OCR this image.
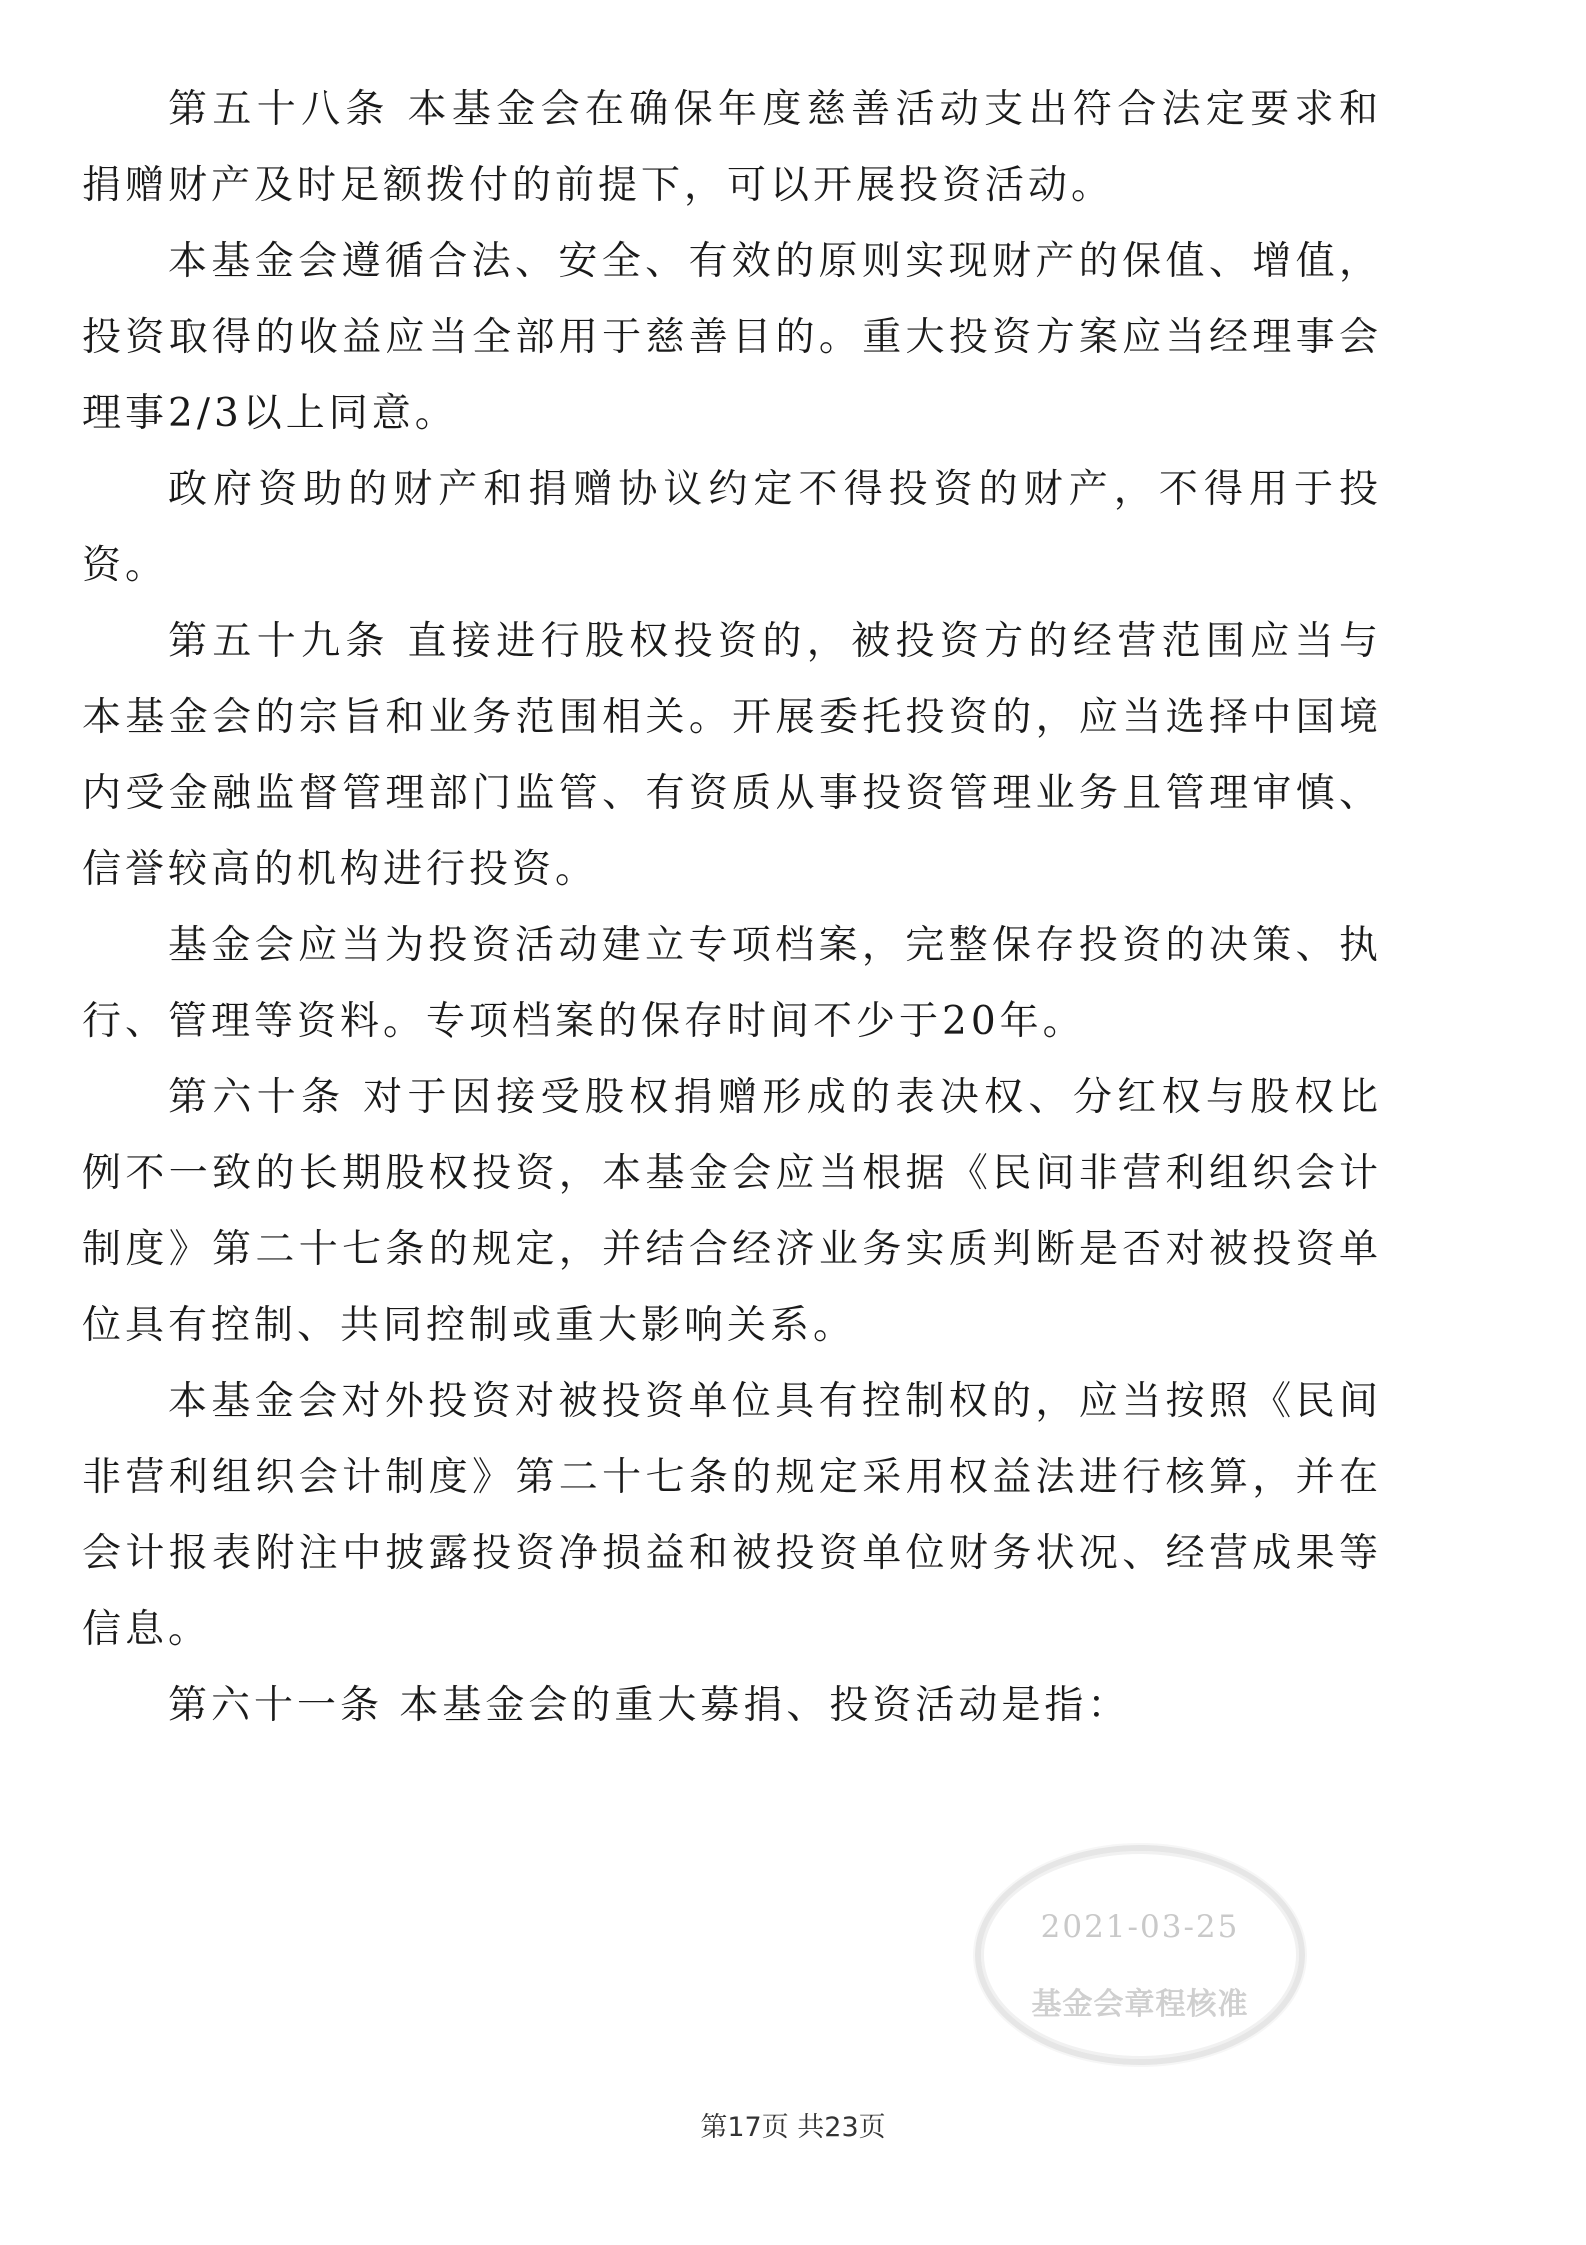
第五十八条 本基金会在确保年度慈善活动支出符合法定要求和捐赠财产及时足额拨付的前提下，可以开展投资活动。

本基金会遵循合法、安全、有效的原则实现财产的保值、增值，投资取得的收益应当全部用于慈善目的。重大投资方案应当经理事会理事2/3以上同意。

政府资助的财产和捐赠协议约定不得投资的财产，不得用于投资。

第五十九条 直接进行股权投资的，被投资方的经营范围应当与本基金会的宗旨和业务范围相关。开展委托投资的，应当选择中国境内受金融监督管理部门监管、有资质从事投资管理业务且管理审慎、信誉较高的机构进行投资。

基金会应当为投资活动建立专项档案，完整保存投资的决策、执行、管理等资料。专项档案的保存时间不少于20年。

第六十条 对于因接受股权捐赠形成的表决权、分红权与股权比例不一致的长期股权投资，本基金会应当根据《民间非营利组织会计制度》第二十七条的规定，并结合经济业务实质判断是否对被投资单位具有控制、共同控制或重大影响关系。

本基金会对外投资对被投资单位具有控制权的，应当按照《民间非营利组织会计制度》第二十七条的规定采用权益法进行核算，并在会计报表附注中披露投资净损益和被投资单位财务状况、经营成果等信息。

第六十一条 本基金会的重大募捐、投资活动是指：

2021-03-25
基金会章程核准
第17页 共23页
